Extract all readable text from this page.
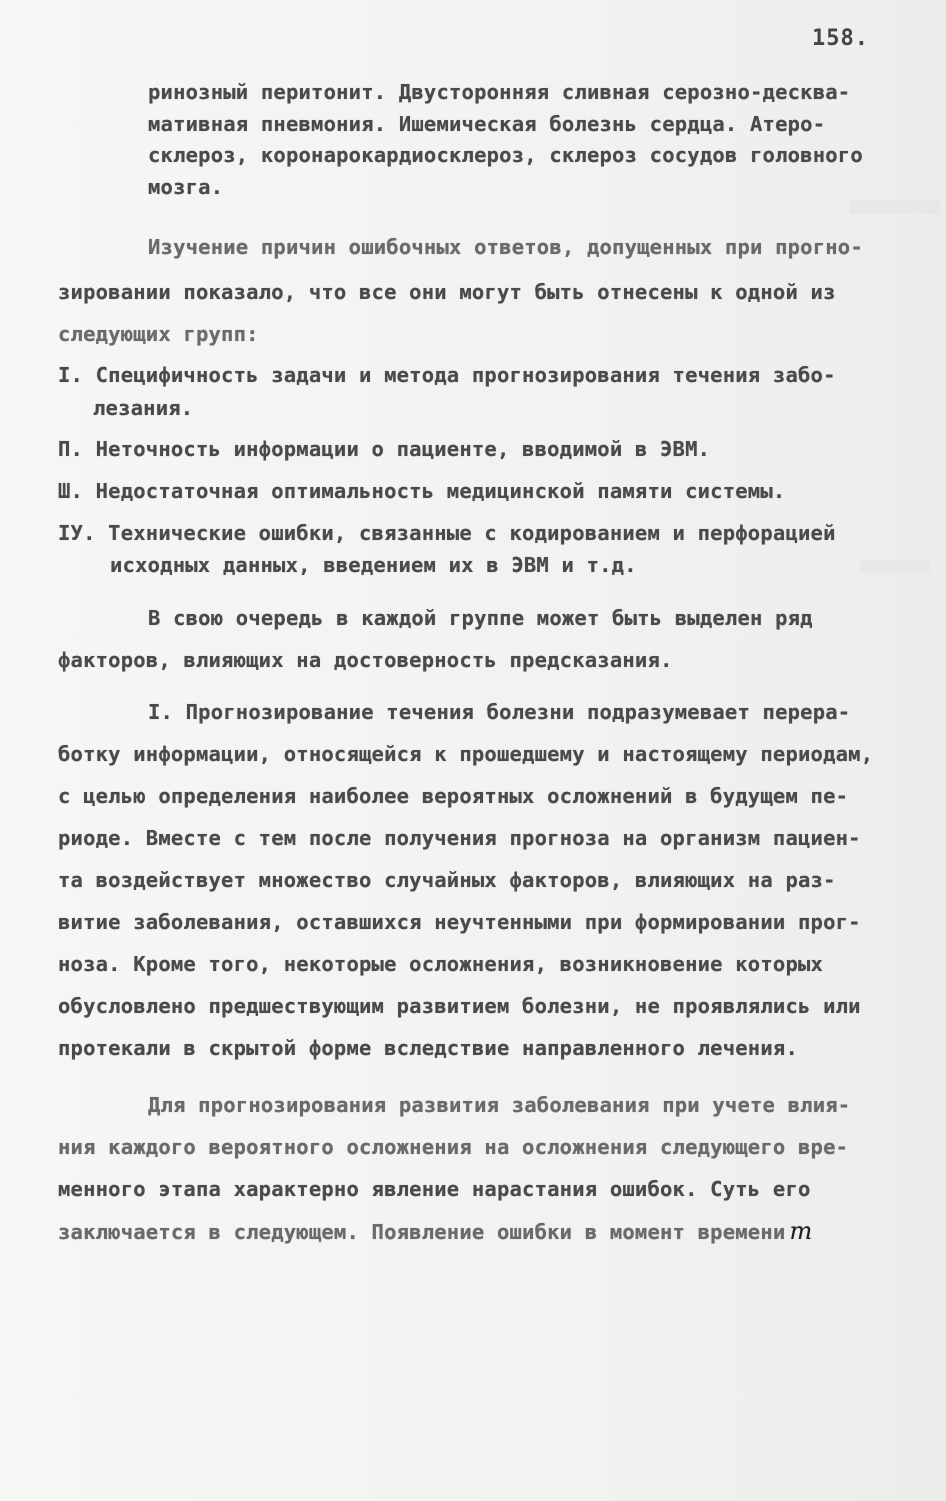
158.
ринозный перитонит. Двусторонняя сливная серозно-десква-
мативная пневмония. Ишемическая болезнь сердца. Атеро-
склероз, коронарокардиосклероз, склероз сосудов головного
мозга.
Изучение причин ошибочных ответов, допущенных при прогно-
зировании показало, что все они могут быть отнесены к одной из
следующих групп:
I. Специфичность задачи и метода прогнозирования течения забо-
лезания.
П. Неточность информации о пациенте, вводимой в ЭВМ.
Ш. Недостаточная оптимальность медицинской памяти системы.
IУ. Технические ошибки, связанные с кодированием и перфорацией
исходных данных, введением их в ЭВМ и т.д.
В свою очередь в каждой группе может быть выделен ряд
факторов, влияющих на достоверность предсказания.
I. Прогнозирование течения болезни подразумевает перера-
ботку информации, относящейся к прошедшему и настоящему периодам,
с целью определения наиболее вероятных осложнений в будущем пе-
риоде. Вместе с тем после получения прогноза на организм пациен-
та воздействует множество случайных факторов, влияющих на раз-
витие заболевания, оставшихся неучтенными при формировании прог-
ноза. Кроме того, некоторые осложнения, возникновение которых
обусловлено предшествующим развитием болезни, не проявлялись или
протекали в скрытой форме вследствие направленного лечения.
Для прогнозирования развития заболевания при учете влия-
ния каждого вероятного осложнения на осложнения следующего вре-
менного этапа характерно явление нарастания ошибок. Суть его
заключается в следующем. Появление ошибки в момент времени m
